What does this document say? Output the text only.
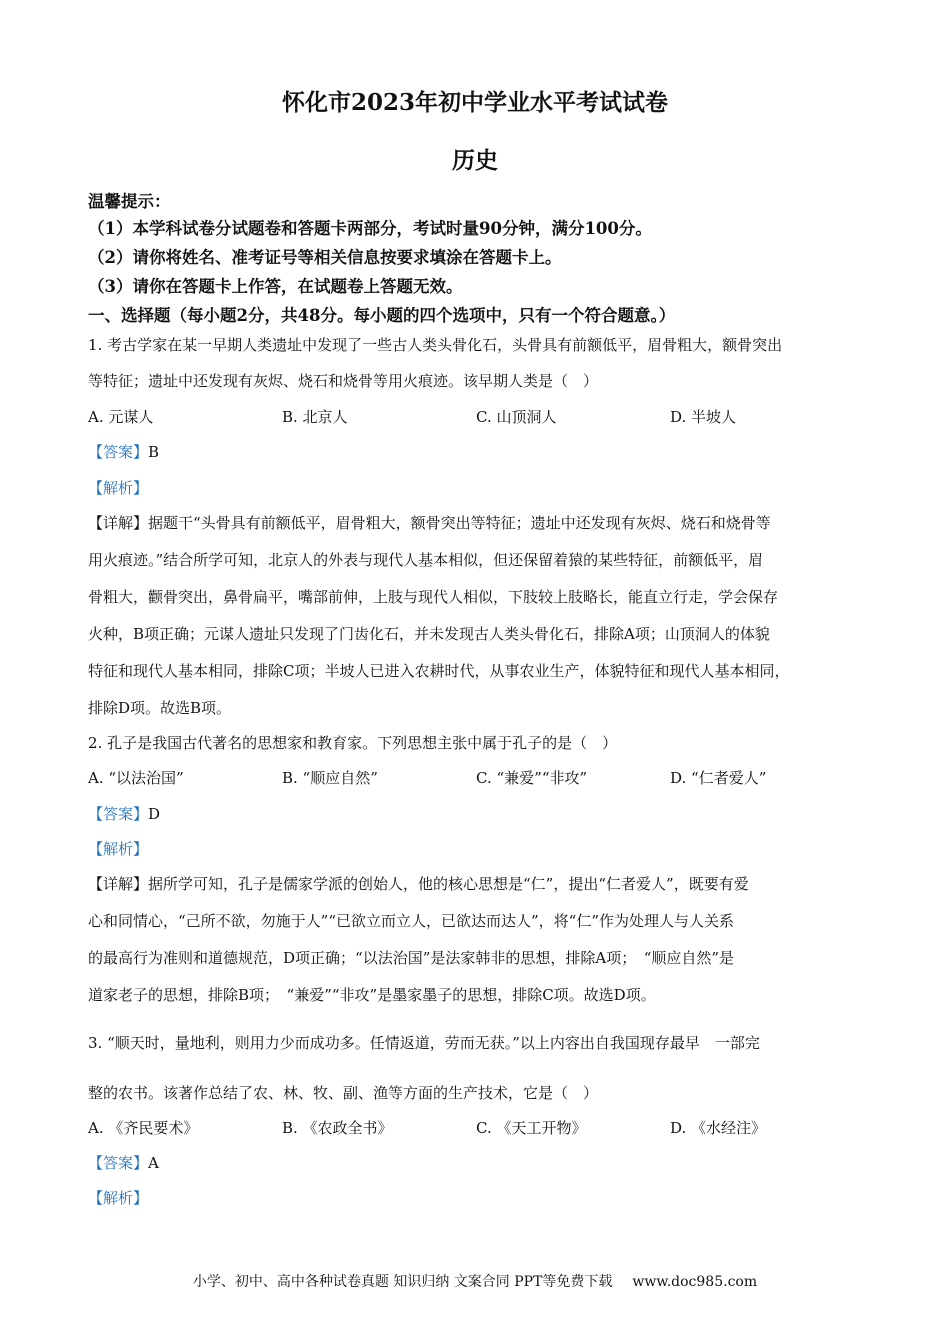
怀化市2023年初中学业水平考试试卷
历史
温馨提示：
（1）本学科试卷分试题卷和答题卡两部分，考试时量90分钟，满分100分。
（2）请你将姓名、准考证号等相关信息按要求填涂在答题卡上。
（3）请你在答题卡上作答，在试题卷上答题无效。
一、选择题（每小题2分，共48分。每小题的四个选项中，只有一个符合题意。）
1. 考古学家在某一早期人类遗址中发现了一些古人类头骨化石，头骨具有前额低平，眉骨粗大，额骨突出
等特征；遗址中还发现有灰烬、烧石和烧骨等用火痕迹。该早期人类是（　）
A. 元谋人	B. 北京人	C. 山顶洞人	D. 半坡人
【答案】B
【解析】
【详解】据题干“头骨具有前额低平，眉骨粗大，额骨突出等特征；遗址中还发现有灰烬、烧石和烧骨等
用火痕迹。”结合所学可知，北京人的外表与现代人基本相似，但还保留着猿的某些特征，前额低平，眉
骨粗大，颧骨突出，鼻骨扁平，嘴部前伸，上肢与现代人相似，下肢较上肢略长，能直立行走，学会保存
火种，B项正确；元谋人遗址只发现了门齿化石，并未发现古人类头骨化石，排除A项；山顶洞人的体貌
特征和现代人基本相同，排除C项；半坡人已进入农耕时代，从事农业生产，体貌特征和现代人基本相同，
排除D项。故选B项。
2. 孔子是我国古代著名的思想家和教育家。下列思想主张中属于孔子的是（　）
A. “以法治国”	B. “顺应自然”	C. “兼爱”“非攻”	D. “仁者爱人”
【答案】D
【解析】
【详解】据所学可知，孔子是儒家学派的创始人，他的核心思想是“仁”，提出“仁者爱人”，既要有爱
心和同情心，“己所不欲，勿施于人”“已欲立而立人，已欲达而达人”，将“仁”作为处理人与人关系
的最高行为准则和道德规范，D项正确；“以法治国”是法家韩非的思想，排除A项；　“顺应自然”是
道家老子的思想，排除B项；　“兼爱”“非攻”是墨家墨子的思想，排除C项。故选D项。
3. “顺天时，量地利，则用力少而成功多。任情返道，劳而无获。”以上内容出自我国现存最早　一部完
整的农书。该著作总结了农、林、牧、副、渔等方面的生产技术，它是（　）
A. 《齐民要术》	B. 《农政全书》	C. 《天工开物》	D. 《水经注》
【答案】A
【解析】
小学、初中、高中各种试卷真题 知识归纳 文案合同 PPT等免费下载 www.doc985.com
